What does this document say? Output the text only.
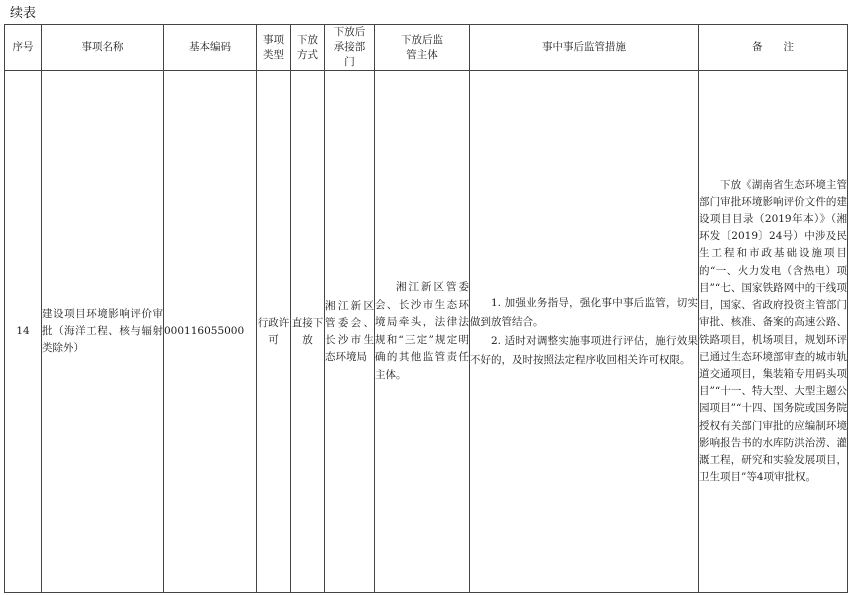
续表
序号	事项名称	基本编码	事项类型	下放方式	下放后承接部门	下放后监管主体	事中事后监管措施	备　　注
14	建设项目环境影响评价审批（海洋工程、核与辐射类除外）	000116055000	行政许可	直接下放	湘江新区管委会、长沙市生态环境局	湘江新区管委会、长沙市生态环境局牵头，法律法规和“三定”规定明确的其他监管责任主体。	1. 加强业务指导，强化事中事后监管，切实做到放管结合。

2. 适时对调整实施事项进行评估，施行效果不好的，及时按照法定程序收回相关许可权限。	下放《湖南省生态环境主管部门审批环境影响评价文件的建设项目目录（2019年本）》（湘环发〔2019〕24号）中涉及民生工程和市政基础设施项目的“一、火力发电（含热电）项目”“七、国家铁路网中的干线项目，国家、省政府投资主管部门审批、核准、备案的高速公路、铁路项目，机场项目，规划环评已通过生态环境部审查的城市轨道交通项目，集装箱专用码头项目”“十一、特大型、大型主题公园项目”“十四、国务院或国务院授权有关部门审批的应编制环境影响报告书的水库防洪治涝、灌溉工程，研究和实验发展项目，卫生项目”等4项审批权。
